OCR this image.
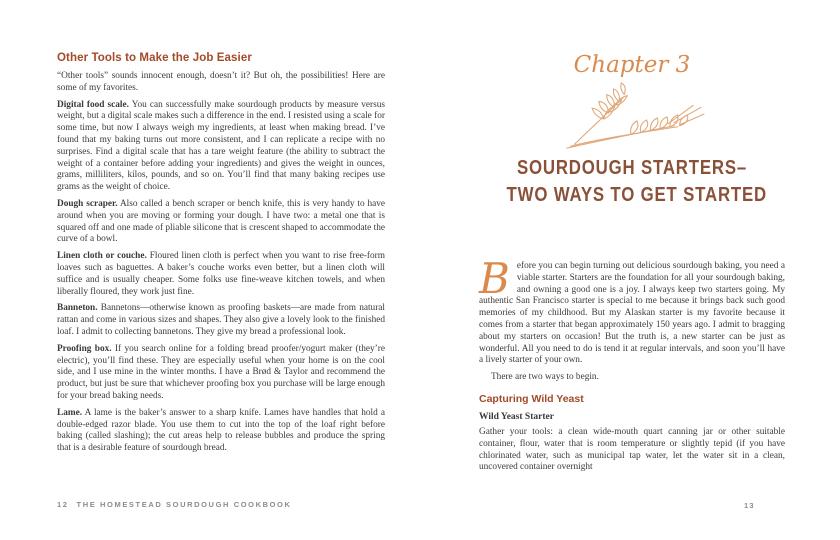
Other Tools to Make the Job Easier

“Other tools” sounds innocent enough, doesn’t it? But oh, the possibilities! Here are some of my favorites.

Digital food scale. You can successfully make sourdough products by measure versus weight, but a digital scale makes such a difference in the end. I resisted using a scale for some time, but now I always weigh my ingredients, at least when making bread. I’ve found that my baking turns out more consistent, and I can replicate a recipe with no surprises. Find a digital scale that has a tare weight feature (the ability to subtract the weight of a container before adding your ingredients) and gives the weight in ounces, grams, milliliters, kilos, pounds, and so on. You’ll find that many baking recipes use grams as the weight of choice.

Dough scraper. Also called a bench scraper or bench knife, this is very handy to have around when you are moving or forming your dough. I have two: a metal one that is squared off and one made of pliable silicone that is crescent shaped to accommodate the curve of a bowl.

Linen cloth or couche. Floured linen cloth is perfect when you want to rise free-form loaves such as baguettes. A baker’s couche works even better, but a linen cloth will suffice and is usually cheaper. Some folks use fine-weave kitchen towels, and when liberally floured, they work just fine.

Banneton. Bannetons—otherwise known as proofing baskets—are made from natural rattan and come in various sizes and shapes. They also give a lovely look to the finished loaf. I admit to collecting bannetons. They give my bread a professional look.

Proofing box. If you search online for a folding bread proofer/yogurt maker (they’re electric), you’ll find these. They are especially useful when your home is on the cool side, and I use mine in the winter months. I have a Brød & Taylor and recommend the product, but just be sure that whichever proofing box you purchase will be large enough for your bread baking needs.

Lame. A lame is the baker’s answer to a sharp knife. Lames have handles that hold a double-edged razor blade. You use them to cut into the top of the loaf right before baking (called slashing); the cut areas help to release bubbles and produce the spring that is a desirable feature of sourdough bread.

12 THE HOMESTEAD SOURDOUGH COOKBOOK
Chapter 3
SOURDOUGH STARTERS–
TWO WAYS TO GET STARTED

Before you can begin turning out delicious sourdough baking, you need a viable starter. Starters are the foundation for all your sourdough baking, and owning a good one is a joy. I always keep two starters going. My authentic San Francisco starter is special to me because it brings back such good memories of my childhood. But my Alaskan starter is my favorite because it comes from a starter that began approximately 150 years ago. I admit to bragging about my starters on occasion! But the truth is, a new starter can be just as wonderful. All you need to do is tend it at regular intervals, and soon you’ll have a lively starter of your own.

There are two ways to begin.

Capturing Wild Yeast
Wild Yeast Starter

Gather your tools: a clean wide-mouth quart canning jar or other suitable container, flour, water that is room temperature or slightly tepid (if you have chlorinated water, such as municipal tap water, let the water sit in a clean, uncovered container overnight

13
